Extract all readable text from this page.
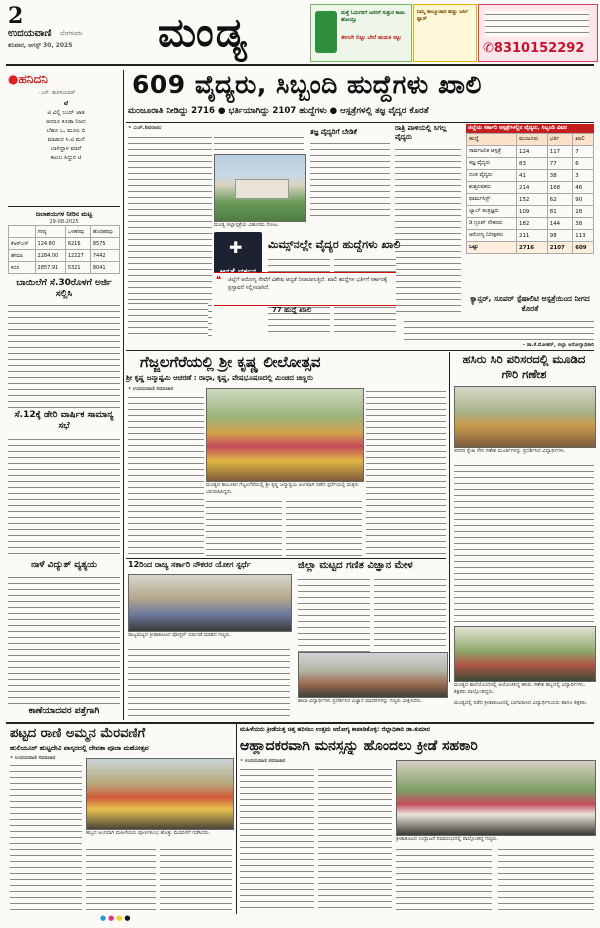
2
ಉದಯವಾಣಿ ಬೆಂಗಳೂರು
ಶನಿವಾರ, ಆಗಸ್ಟ್ 30, 2025 ಮಂಡ್ಯ	ಮತ್ತೆ ಓದುಗರಿಗೆ ಜನರಿಗೆ ಸುತ್ತುರ ಕಾಣು ಹೋಯ್ತು
ಈಗಲೇ ಬಿಟ್ಟು ಬೇರೆ ಹುಡುಕಿ ಕಟ್ಟು
ನಿಮ್ಮ ಕಾಲ್ಮೂಜಾದ ಹಣ್ಣು ಜರ್ನಿ ಫ್ಲಾರ್
✆8310152292
●ಹನಿದನಿ
- ಎಸ್. ಹುರಿಗಿಯವರ್
ಟೆ
ಟಿ ವಿಲ್ಲಿ ಬಂದ್ ಜಾತ
ಆದರೂ ಕೂಡಾ ನಿಜದ
ಬೆಹೂ ಒ, ಮೂಲ ಬಿ
ಮಾಡುದ ಸಿ.ಟಿ ಮನೆ
ಬಾಳಿದ್ದಾಳ ಮಾನೆ
ಕಟುಬ ಸಿದ್ದುರ ಟಿ
ಜಲಾಶಯಗಳ ನೀರಿನ ಮಟ್ಟ
29-08-2025
	ಗರಿಷ್ಠ	ಒಳಹರಿವು	ಹೊರಹರಿವು
ಕೆಆರ್‌ಎಸ್	124.80	6216	8575
ಹೇಮಾ	2284.00	12227	7442
ಕಬಿನಿ	2857.91	5321	8041
ಬಾಯಿಲೆಗೆ ಸೆ.30ರೊಳಗೆ ಅರ್ಜಿ ಸಲ್ಲಿಸಿ
ಸೆ.12ಕ್ಕೆ ಡೇರಿ ವಾರ್ಷಿಕ ಸಾಮಾನ್ಯ ಸಭೆ
ನಾಳೆ ವಿದ್ಯುತ್ ವ್ಯತ್ಯಯ
ಕಾಣೆಯಾದವರ ಪತ್ತೆಗಾಗಿ
609 ವೈದ್ಯರು, ಸಿಬ್ಬಂದಿ ಹುದ್ದೆಗಳು ಖಾಲಿ
ಮಂಜೂರಾತಿ ನೀಡಿದ್ದು 2716 ● ಭರ್ತಿಯಾಗಿದ್ದು 2107 ಹುದ್ದೆಗಳು ● ಆಸ್ಪತ್ರೆಗಳಲ್ಲಿ ತಜ್ಞ ವೈದ್ಯರ ಕೊರತೆ
• ಎಚ್.ಶಿವರಾಜು	ತಜ್ಞ ವೈದ್ಯರಿಗೆ ಬೇಡಿಕೆ	ರಾತ್ರಿ ಪಾಳಿಯಲ್ಲಿ ಸಿಗಲ್ಲ ವೈದ್ಯರು
ಮಂಡ್ಯ ಜಿಲ್ಲಾಸ್ಪತ್ರೆಯ ವಿಹಂಗಮ ನೋಟ.
✚ ಮಿಮ್ಸ್‌ನಲ್ಲೇ ವೈದ್ಯರ ಹುದ್ದೆಗಳು ಖಾಲಿ
77 ಹುದ್ದೆ ಖಾಲಿ
❝ ಜಿಲ್ಲೆಗೆ ಆರೋಗ್ಯ ಸೇವೆಗೆ ವಿಶೇಷ ಆದ್ಯತೆ ನೀಡಲಾಗುತ್ತಿದೆ. ಖಾಲಿ ಹುದ್ದೆಗಳ ಭರ್ತಿಗೆ ಸರ್ಕಾರಕ್ಕೆ ಪ್ರಸ್ತಾವನೆ ಸಲ್ಲಿಸಲಾಗಿದೆ.
ಜಿಲ್ಲೆಯ ಸರ್ಕಾರಿ ಆಸ್ಪತ್ರೆಗಳಲ್ಲಿನ ವೈದ್ಯರು, ಸಿಬ್ಬಂದಿ ವಿವರ
ಹುದ್ದೆ	ಮಂಜೂರು	ಭರ್ತಿ	ಖಾಲಿ
ಸಾರ್ವಜನಿಕ ಆಸ್ಪತ್ರೆ	124	117	7
ತಜ್ಞ ವೈದ್ಯರು	83	77	6
ದಂತ ವೈದ್ಯರು	41	38	3
ಶುಶ್ರೂಷಕರು	214	168	46
ಫಾರ್ಮಸಿಸ್ಟ್	152	62	90
ಲ್ಯಾಬ್ ತಂತ್ರಜ್ಞರು	109	81	28
ಡಿ ಗ್ರೂಪ್ ನೌಕರರು	182	144	38
ಆರೋಗ್ಯ ನಿರೀಕ್ಷಕರು	211	98	113
ಒಟ್ಟು	2716	2107	609
ಕ್ಯಾನ್ಸರ್, ಸೂಪರ್ ಸ್ಪೆಷಾಲಿಟಿ ಆಸ್ಪತ್ರೆಯಿಂದ ನೀಗದ ಕೊರತೆ
- ಡಾ.ಕೆ.ಮೋಹನ್, ಜಿಲ್ಲಾ ಆರೋಗ್ಯಾಧಿಕಾರಿ
ಗೆಜ್ಜಲಗೆರೆಯಲ್ಲಿ ಶ್ರೀ ಕೃಷ್ಣ ಲೀಲೋತ್ಸವ
ಶ್ರೀ ಕೃಷ್ಣ ಜನ್ಮಾಷ್ಟಮಿ ಆಚರಣೆ : ರಾಧಾ, ಕೃಷ್ಣ, ವೇಷಭೂಷಣದಲ್ಲಿ ಮಿಂಚಿದ ಚಿಣ್ಣರು
• ಉದಯವಾಣಿ ಸಮಾಚಾರ
ಮಂಡ್ಯದ ತಾಲೂಕಿನ ಗೆಜ್ಜಲಗೆರೆಯಲ್ಲಿ ಶ್ರೀ ಕೃಷ್ಣ ಜನ್ಮಾಷ್ಟಮಿ ಅಂಗವಾಗಿ ನಡೆದ ಸ್ಪರ್ಧೆಯಲ್ಲಿ ಮಕ್ಕಳು ಭಾಗವಹಿಸಿದ್ದರು.
ಹಸಿರು ಸಿರಿ ಪರಿಸರದಲ್ಲಿ ಮೂಡಿದ ಗೌರಿ ಗಣೇಶ
ಪರಿಸರ ಸ್ನೇಹಿ ಗೌರಿ ಗಣೇಶ ಮೂರ್ತಿಗಳನ್ನು ಪ್ರದರ್ಶಿಸಿದ ವಿದ್ಯಾರ್ಥಿಗಳು.
ಮಂಡ್ಯದ ಶಾಲೆಯೊಂದರಲ್ಲಿ ಆಯೋಜಿಸಿದ್ದ ಹಸಿರು ಗಣೇಶ ಹಬ್ಬದಲ್ಲಿ ವಿದ್ಯಾರ್ಥಿಗಳು, ಶಿಕ್ಷಕರು ಪಾಲ್ಗೊಂಡಿದ್ದರು.
12ರಿಂದ ರಾಜ್ಯ ಸರ್ಕಾರಿ ನೌಕರರ ಯೋಗ ಸ್ಪರ್ಧೆ
ರಾಜ್ಯಮಟ್ಟದ ಕ್ರೀಡಾಕೂಟದ ಪೋಸ್ಟರ್ ಬಿಡುಗಡೆ ಮಾಡಿದ ಗಣ್ಯರು.
ಜಿಲ್ಲಾ ಮಟ್ಟದ ಗಣಿತ ವಿಜ್ಞಾನ ಮೇಳ
ಶಾಲಾ ವಿದ್ಯಾರ್ಥಿಗಳು ಪ್ರದರ್ಶಿಸಿದ ವಿಜ್ಞಾನ ಮಾದರಿಗಳನ್ನು ಗಣ್ಯರು ವೀಕ್ಷಿಸಿದರು.	ಮಂಡ್ಯದಲ್ಲಿ ನಡೆದ ಕ್ರೀಡಾಕೂಟದಲ್ಲಿ ಭಾಗವಹಿಸಿದ ವಿದ್ಯಾರ್ಥಿನಿಯರು ಹಾಗೂ ಶಿಕ್ಷಕರು.
ಪಟ್ಟದ ರಾಣಿ ಅಮ್ಮನ ಮೆರವಣಿಗೆ
ಹುಲಿಯೂರ್ ಹುಟ್ಟದೇವಿ ಪಾಸ್ಕರದಲ್ಲಿ ದೇವತಾ ಪೂಜಾ ಮಹೋತ್ಸವ
• ಉದಯವಾಣಿ ಸಮಾಚಾರ
ಹಬ್ಬದ ಅಂಗವಾಗಿ ಮಹಿಳೆಯರು ಪೂರ್ಣಕುಂಭ ಹೊತ್ತು ಮೆರವಣಿಗೆ ನಡೆಸಿದರು.
ಮಹಿಳೆಯರು ಕ್ರೀಡೆಯತ್ತ ಚಿತ್ತ ಹರಿಸಲು ಉತ್ತಮ ಆರೋಗ್ಯ ಕಾಪಾಡಿಕೊಳ್ಳಿ: ಜಿಲ್ಲಾಧಿಕಾರಿ ಡಾ.ಕುಮಾರ
ಆಹ್ಲಾದಕರವಾಗಿ ಮನಸ್ಸನ್ನು ಹೊಂದಲು ಕ್ರೀಡೆ ಸಹಕಾರಿ
• ಉದಯವಾಣಿ ಸಮಾಚಾರ
ಕ್ರೀಡಾಕೂಟದ ಉದ್ಘಾಟನೆ ಸಮಾರಂಭದಲ್ಲಿ ಪಾಲ್ಗೊಂಡಿದ್ದ ಗಣ್ಯರು.
●●●●
